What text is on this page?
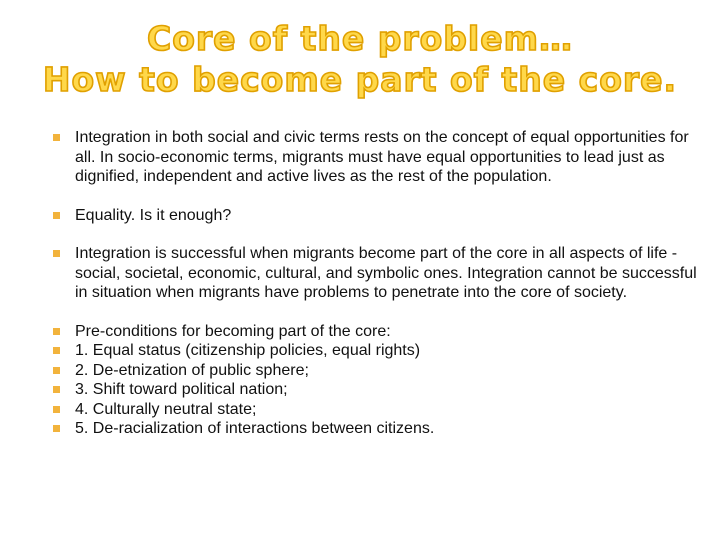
Core of the problem…
How to become part of the core.
Integration in both social and civic terms rests on the concept of equal opportunities for all. In socio-economic terms, migrants must have equal opportunities to lead just as dignified, independent and active lives as the rest of the population.
Equality. Is it enough?
Integration is successful when migrants become part of the core in all aspects of life - social, societal, economic, cultural, and symbolic ones. Integration cannot be successful in situation when migrants have problems to penetrate into the core of society.
Pre-conditions for becoming part of the core:
1. Equal status (citizenship policies, equal rights)
2. De-etnization of public sphere;
3. Shift toward political nation;
4. Culturally neutral state;
5. De-racialization of interactions between citizens.
